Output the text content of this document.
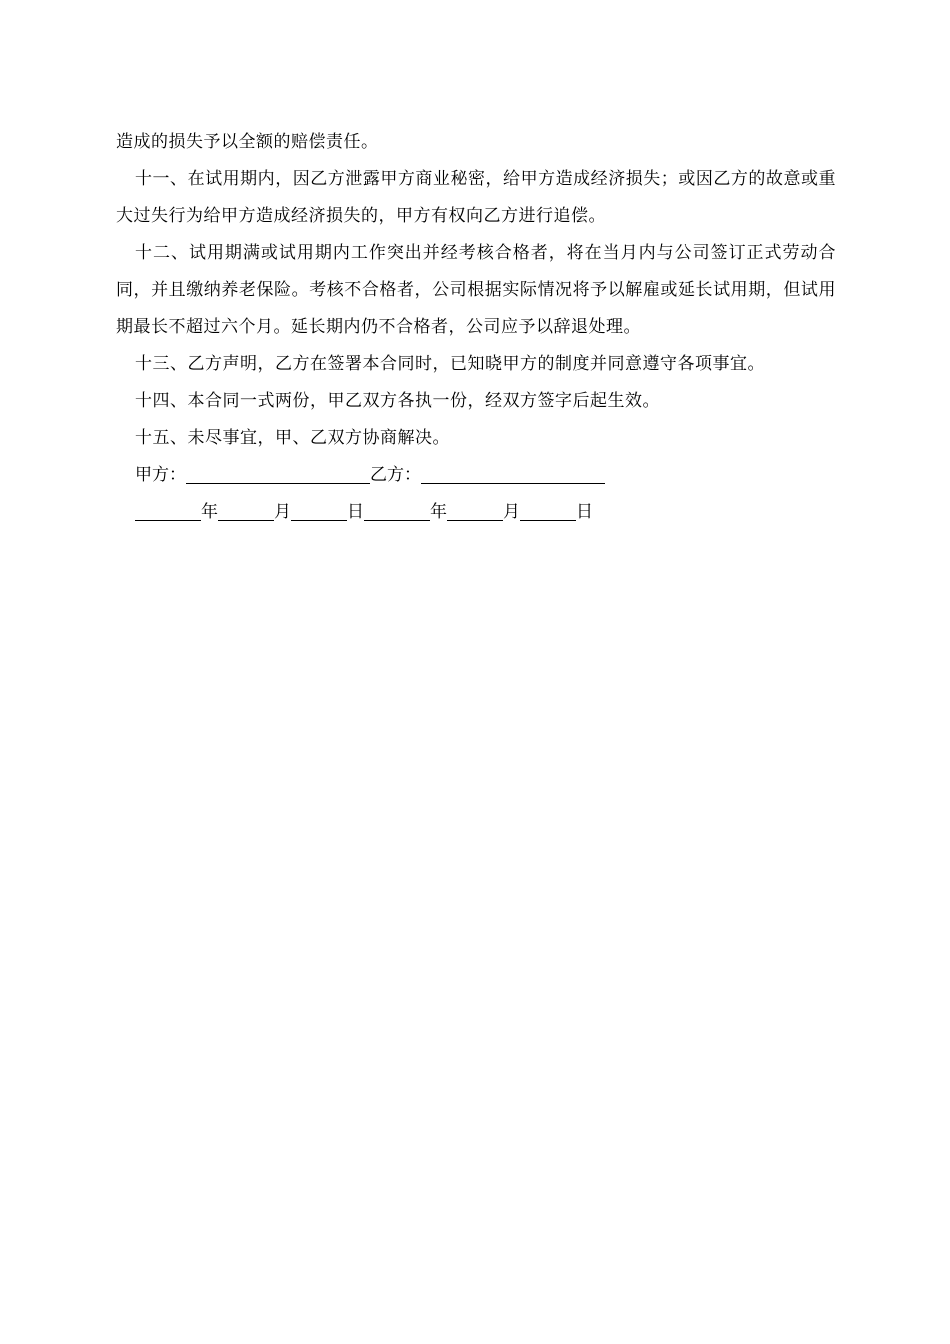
造成的损失予以全额的赔偿责任。

十一、在试用期内，因乙方泄露甲方商业秘密，给甲方造成经济损失；或因乙方的故意或重大过失行为给甲方造成经济损失的，甲方有权向乙方进行追偿。

十二、试用期满或试用期内工作突出并经考核合格者，将在当月内与公司签订正式劳动合同，并且缴纳养老保险。考核不合格者，公司根据实际情况将予以解雇或延长试用期，但试用期最长不超过六个月。延长期内仍不合格者，公司应予以辞退处理。

十三、乙方声明，乙方在签署本合同时，已知晓甲方的制度并同意遵守各项事宜。

十四、本合同一式两份，甲乙双方各执一份，经双方签字后起生效。

十五、未尽事宜，甲、乙双方协商解决。

甲方：	乙方：

年	月	日	年	月	日
